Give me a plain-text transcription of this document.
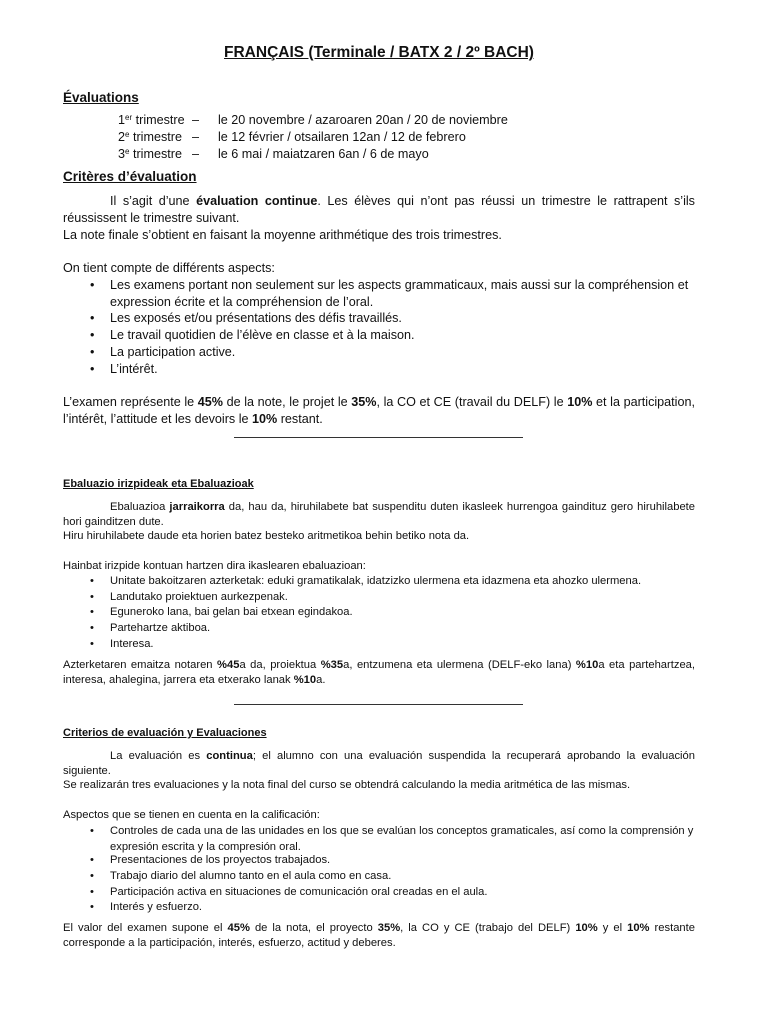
FRANÇAIS (Terminale / BATX 2 / 2º BACH)
Évaluations
1er trimestre – le 20 novembre / azaroaren 20an / 20 de noviembre
2e trimestre – le 12 février / otsailaren 12an / 12 de febrero
3e trimestre – le 6 mai / maiatzaren 6an / 6 de mayo
Critères d’évaluation
Il s’agit d’une évaluation continue. Les élèves qui n’ont pas réussi un trimestre le rattrapent s’ils réussissent le trimestre suivant.
La note finale s’obtient en faisant la moyenne arithmétique des trois trimestres.
On tient compte de différents aspects:
• Les examens portant non seulement sur les aspects grammaticaux, mais aussi sur la compréhension et expression écrite et la compréhension de l’oral.
• Les exposés et/ou présentations des défis travaillés.
• Le travail quotidien de l’élève en classe et à la maison.
• La participation active.
• L’intérêt.
L’examen représente le 45% de la note, le projet le 35%, la CO et CE (travail du DELF) le 10% et la participation, l’intérêt, l’attitude et les devoirs le 10% restant.
Ebaluazio irizpideak eta Ebaluazioak
Ebaluazioa jarraikorra da, hau da, hiruhilabete bat suspenditu duten ikasleek hurrengoa gaindituz gero hiruhilabete hori gainditzen dute.
Hiru hiruhilabete daude eta horien batez besteko aritmetikoa behin betiko nota da.
Hainbat irizpide kontuan hartzen dira ikaslearen ebaluazioan:
• Unitate bakoitzaren azterketak: eduki gramatikalak, idatzizko ulermena eta idazmena eta ahozko ulermena.
• Landutako proiektuen aurkezpenak.
• Eguneroko lana, bai gelan bai etxean egindakoa.
• Partehartze aktiboa.
• Interesa.
Azterketaren emaitza notaren %45a da, proiektua %35a, entzumena eta ulermena (DELF-eko lana) %10a eta partehartzea, interesa, ahalegina, jarrera eta etxerako lanak %10a.
Criterios de evaluación y Evaluaciones
La evaluación es continua; el alumno con una evaluación suspendida la recuperará aprobando la evaluación siguiente.
Se realizarán tres evaluaciones y la nota final del curso se obtendrá calculando la media aritmética de las mismas.
Aspectos que se tienen en cuenta en la calificación:
• Controles de cada una de las unidades en los que se evalúan los conceptos gramaticales, así como la comprensión y expresión escrita y la compresión oral.
• Presentaciones de los proyectos trabajados.
• Trabajo diario del alumno tanto en el aula como en casa.
• Participación activa en situaciones de comunicación oral creadas en el aula.
• Interés y esfuerzo.
El valor del examen supone el 45% de la nota, el proyecto 35%, la CO y CE (trabajo del DELF) 10% y el 10% restante corresponde a la participación, interés, esfuerzo, actitud y deberes.
